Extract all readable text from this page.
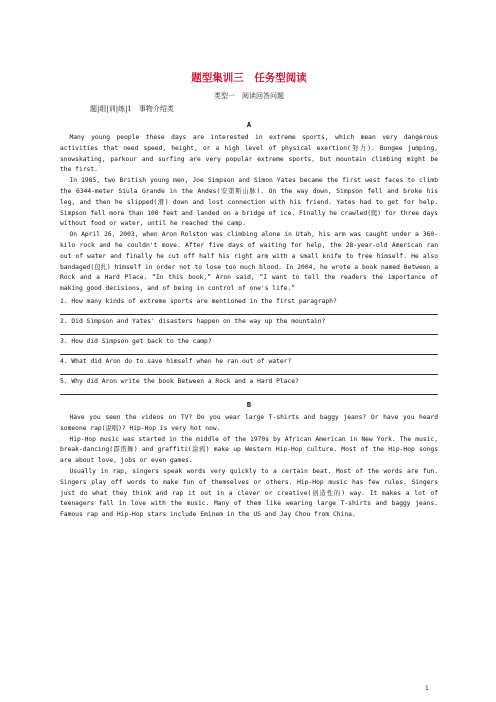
题型集训三　任务型阅读
类型一　阅读回答问题
题|组|训|练|1　事物介绍类
A

Many young people these days are interested in extreme sports, which mean very dangerous activities that need speed, height, or a high level of physical exertion(努力). Bungee jumping, snowskating, parkour and surfing are very popular extreme sports, but mountain climbing might be the first.

In 1985, two British young men, Joe Simpson and Simon Yates became the first west faces to climb the 6344-meter Siula Grande in the Andes(安第斯山脉). On the way down, Simpson fell and broke his leg, and then he slipped(滑) down and lost connection with his friend. Yates had to get for help. Simpson fell more than 100 feet and landed on a bridge of ice. Finally he crawled(爬) for three days without food or water, until he reached the camp.

On April 26, 2003, when Aron Rolston was climbing alone in Utah, his arm was caught under a 360-kilo rock and he couldn't move. After five days of waiting for help, the 28-year-old American ran out of water and finally he cut off half his right arm with a small knife to free himself. He also bandaged(包扎) himself in order not to lose too much blood. In 2004, he wrote a book named Between a Rock and a Hard Place. “In this book,” Aron said, “I want to tell the readers the importance of making good decisions, and of being in control of one's life.”

1. How many kinds of extreme sports are mentioned in the first paragraph?
2. Did Simpson and Yates' disasters happen on the way up the mountain?
3. How did Simpson get back to the camp?
4. What did Aron do to save himself when he ran out of water?
5. Why did Aron write the book Between a Rock and a Hard Place?
B

Have you seen the videos on TV? Do you wear large T-shirts and baggy jeans? Or have you heard someone rap(说唱)? Hip-Hop is very hot now.

Hip-Hop music was started in the middle of the 1970s by African American in New York. The music, break-dancing(霹雳舞) and graffiti(涂鸦) make up Western Hip-Hop culture. Most of the Hip-Hop songs are about love, jobs or even games.

Usually in rap, singers speak words very quickly to a certain beat. Most of the words are fun. Singers play off words to make fun of themselves or others. Hip-Hop music has few rules. Singers just do what they think and rap it out in a clever or creative(创造性的) way. It makes a lot of teenagers fall in love with the music. Many of them like wearing large T-shirts and baggy jeans. Famous rap and Hip-Hop stars include Eminem in the US and Jay Chou from China.

1
